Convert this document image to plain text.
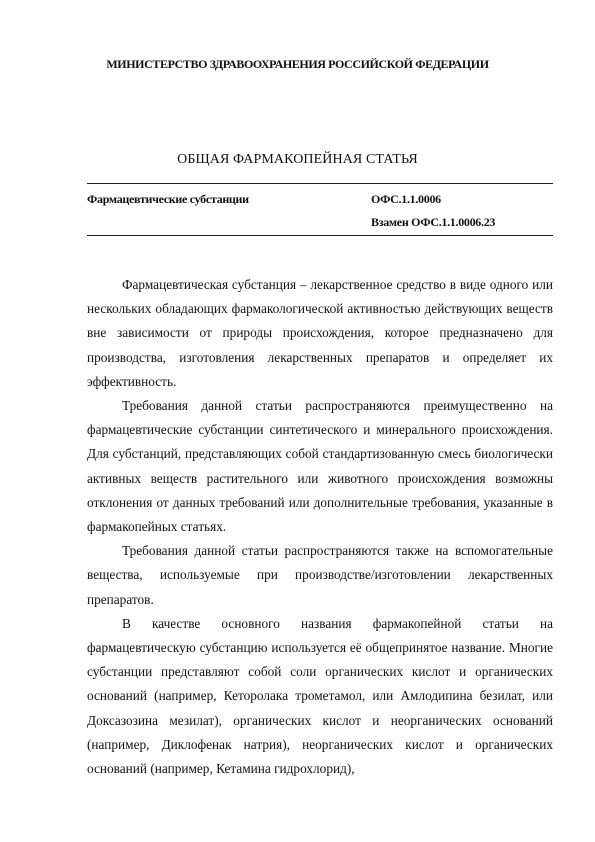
МИНИСТЕРСТВО ЗДРАВООХРАНЕНИЯ РОССИЙСКОЙ ФЕДЕРАЦИИ
ОБЩАЯ ФАРМАКОПЕЙНАЯ СТАТЬЯ
Фармацевтические субстанции	ОФС.1.1.0006
Взамен ОФС.1.1.0006.23

Фармацевтическая субстанция – лекарственное средство в виде одного или нескольких обладающих фармакологической активностью действующих веществ вне зависимости от природы происхождения, которое предназначено для производства, изготовления лекарственных препаратов и определяет их эффективность.

Требования данной статьи распространяются преимущественно на фармацевтические субстанции синтетического и минерального происхождения. Для субстанций, представляющих собой стандартизованную смесь биологически активных веществ растительного или животного происхождения возможны отклонения от данных требований или дополнительные требования, указанные в фармакопейных статьях.

Требования данной статьи распространяются также на вспомогательные вещества, используемые при производстве/изготовлении лекарственных препаратов.

В качестве основного названия фармакопейной статьи на фармацевтическую субстанцию используется её общепринятое название. Многие субстанции представляют собой соли органических кислот и органических оснований (например, Кеторолака трометамол, или Амлодипина безилат, или Доксазозина мезилат), органических кислот и неорганических оснований (например, Диклофенак натрия), неорганических кислот и органических оснований (например, Кетамина гидрохлорид),
